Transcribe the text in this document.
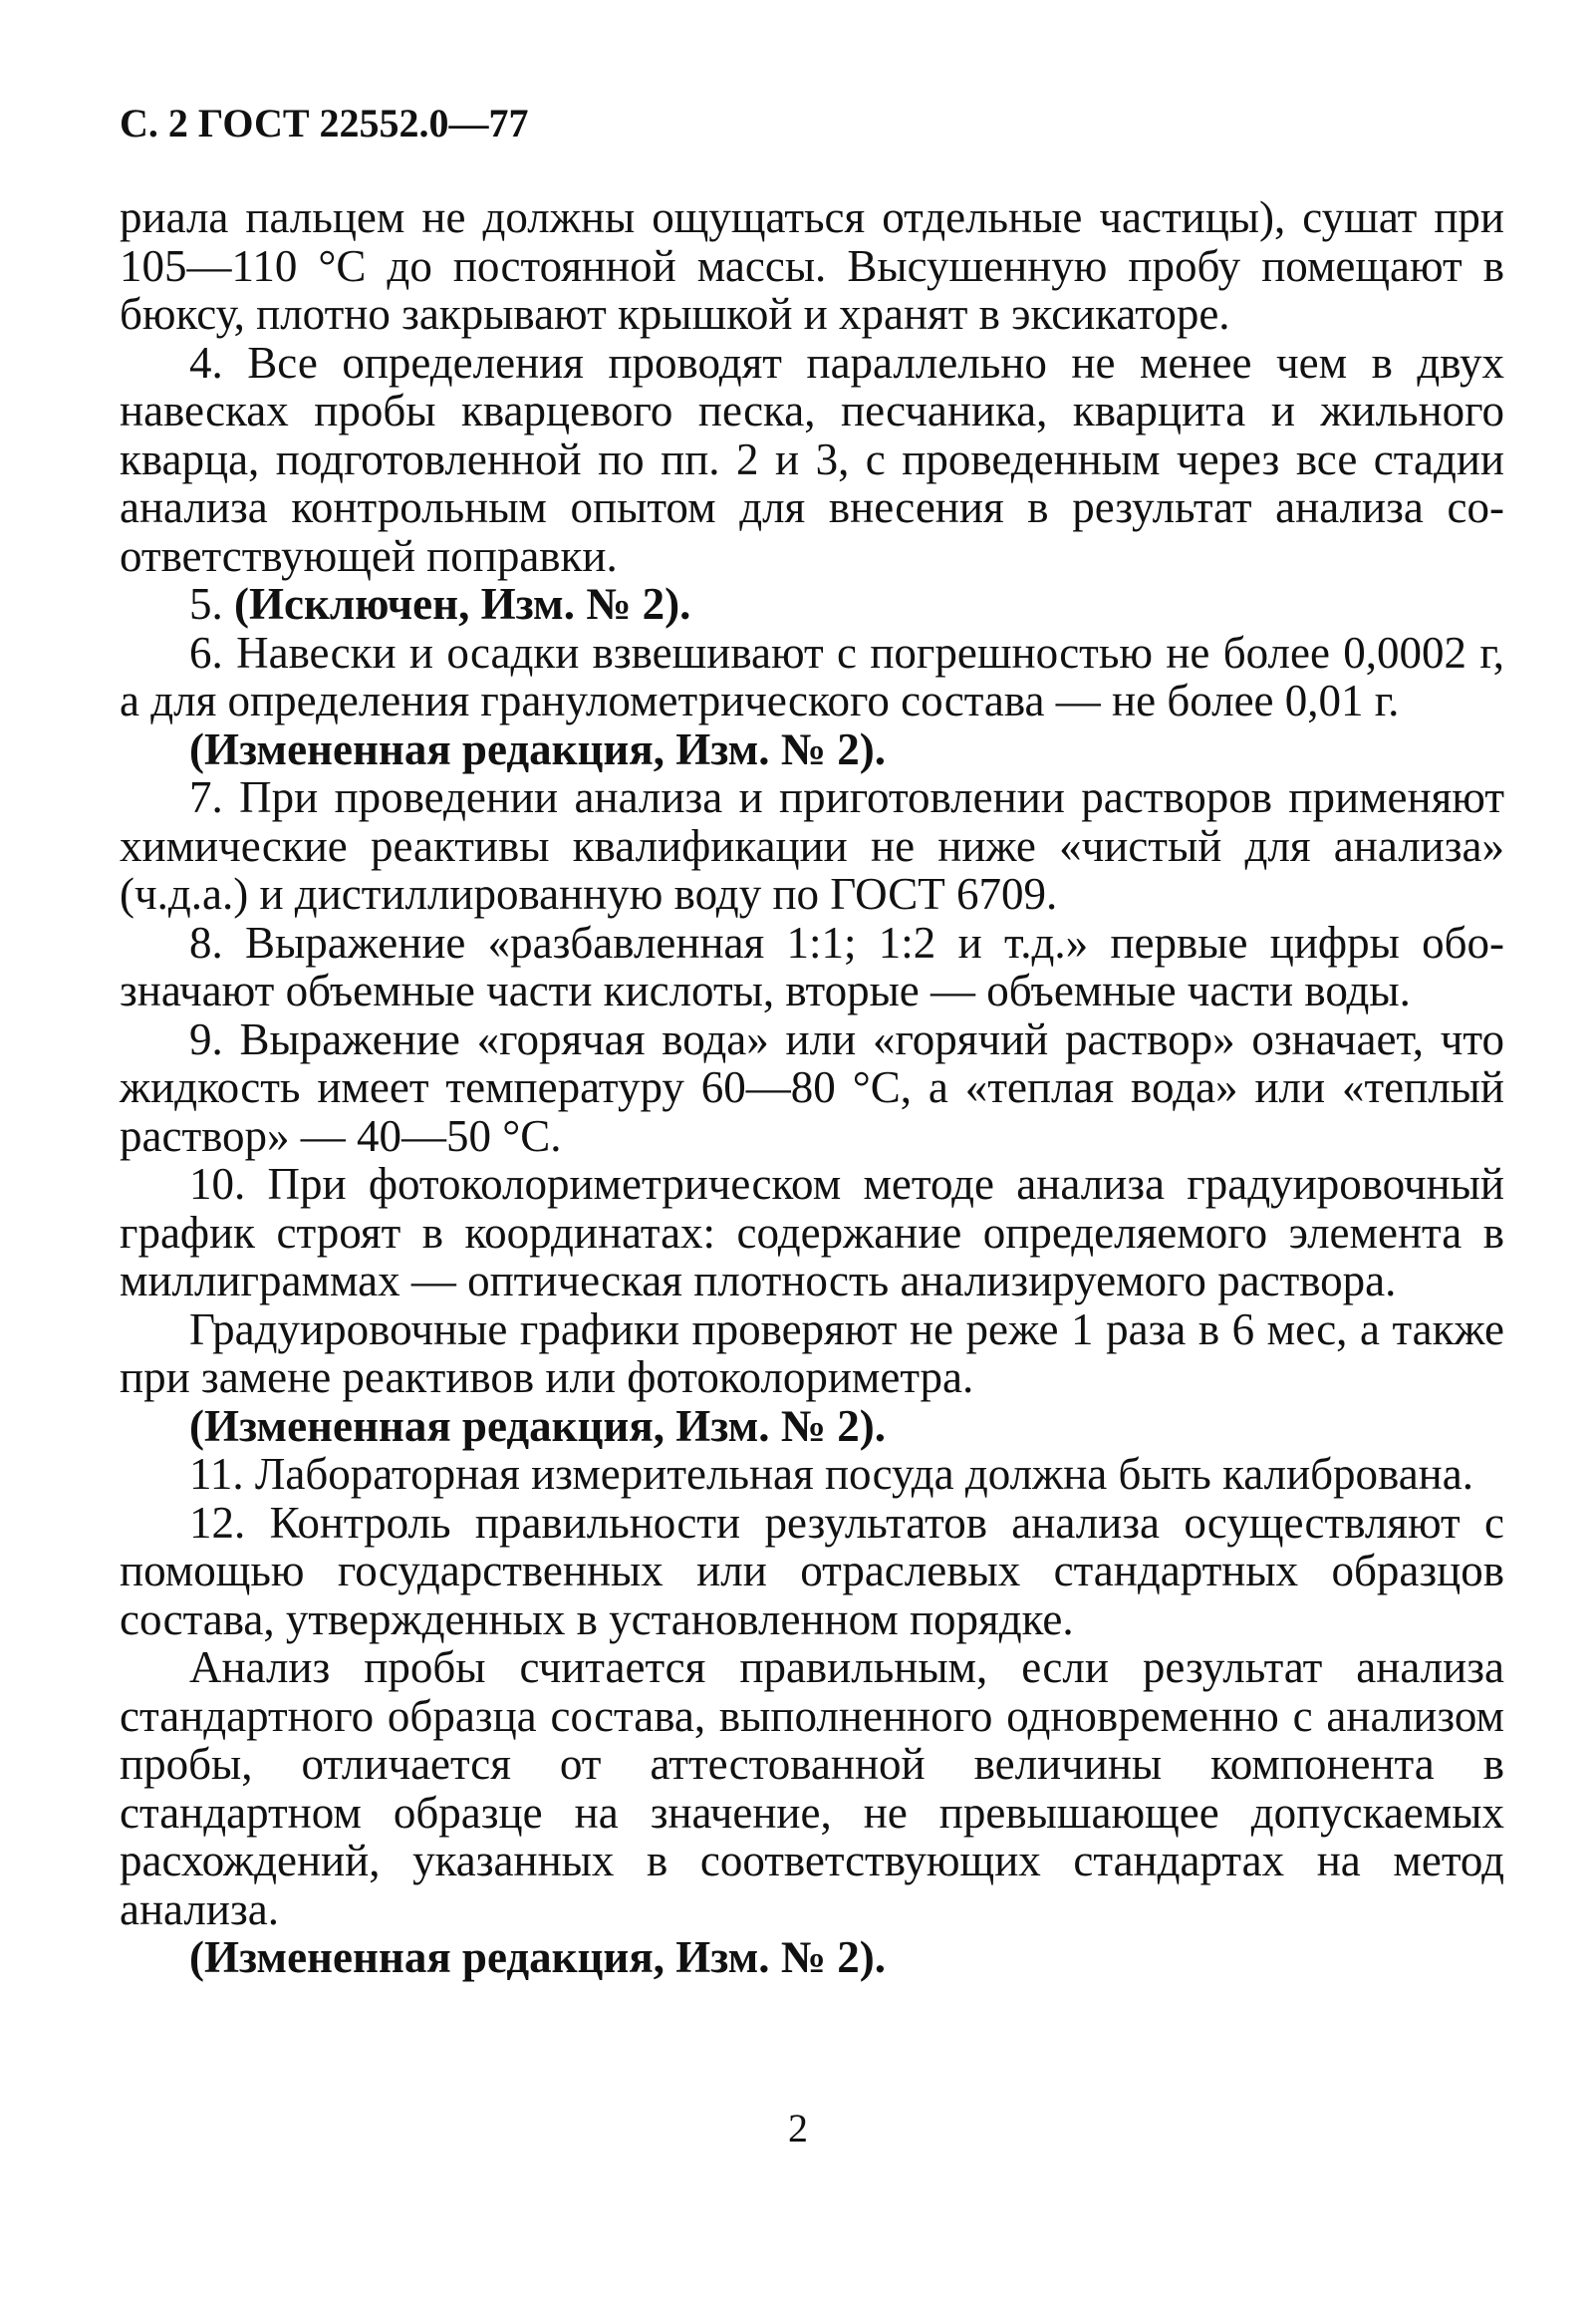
С. 2 ГОСТ 22552.0—77

риала пальцем не должны ощущаться отдельные частицы), сушат при 105—110 °С до постоянной массы. Высушенную пробу помещают в бюксу, плотно закрывают крышкой и хранят в эксикаторе.

4. Все определения проводят параллельно не менее чем в двух навесках пробы кварцевого песка, песчаника, кварцита и жильного кварца, подготовленной по пп. 2 и 3, с проведенным через все стадии анализа контрольным опытом для внесения в результат анализа соответствующей поправки.

5. (Исключен, Изм. № 2).

6. Навески и осадки взвешивают с погрешностью не более 0,0002 г, а для определения гранулометрического состава — не более 0,01 г.

(Измененная редакция, Изм. № 2).

7. При проведении анализа и приготовлении растворов применяют химические реактивы квалификации не ниже «чистый для анализа» (ч.д.а.) и дистиллированную воду по ГОСТ 6709.

8. Выражение «разбавленная 1:1; 1:2 и т.д.» первые цифры обозначают объемные части кислоты, вторые — объемные части воды.

9. Выражение «горячая вода» или «горячий раствор» означает, что жидкость имеет температуру 60—80 °С, а «теплая вода» или «теплый раствор» — 40—50 °С.

10. При фотоколориметрическом методе анализа градуировочный график строят в координатах: содержание определяемого элемента в миллиграммах — оптическая плотность анализируемого раствора.

Градуировочные графики проверяют не реже 1 раза в 6 мес, а также при замене реактивов или фотоколориметра.

(Измененная редакция, Изм. № 2).

11. Лабораторная измерительная посуда должна быть калибрована.

12. Контроль правильности результатов анализа осуществляют с помощью государственных или отраслевых стандартных образцов состава, утвержденных в установленном порядке.

Анализ пробы считается правильным, если результат анализа стандартного образца состава, выполненного одновременно с анализом пробы, отличается от аттестованной величины компонента в стандартном образце на значение, не превышающее допускаемых расхождений, указанных в соответствующих стандартах на метод анализа.

(Измененная редакция, Изм. № 2).

2
